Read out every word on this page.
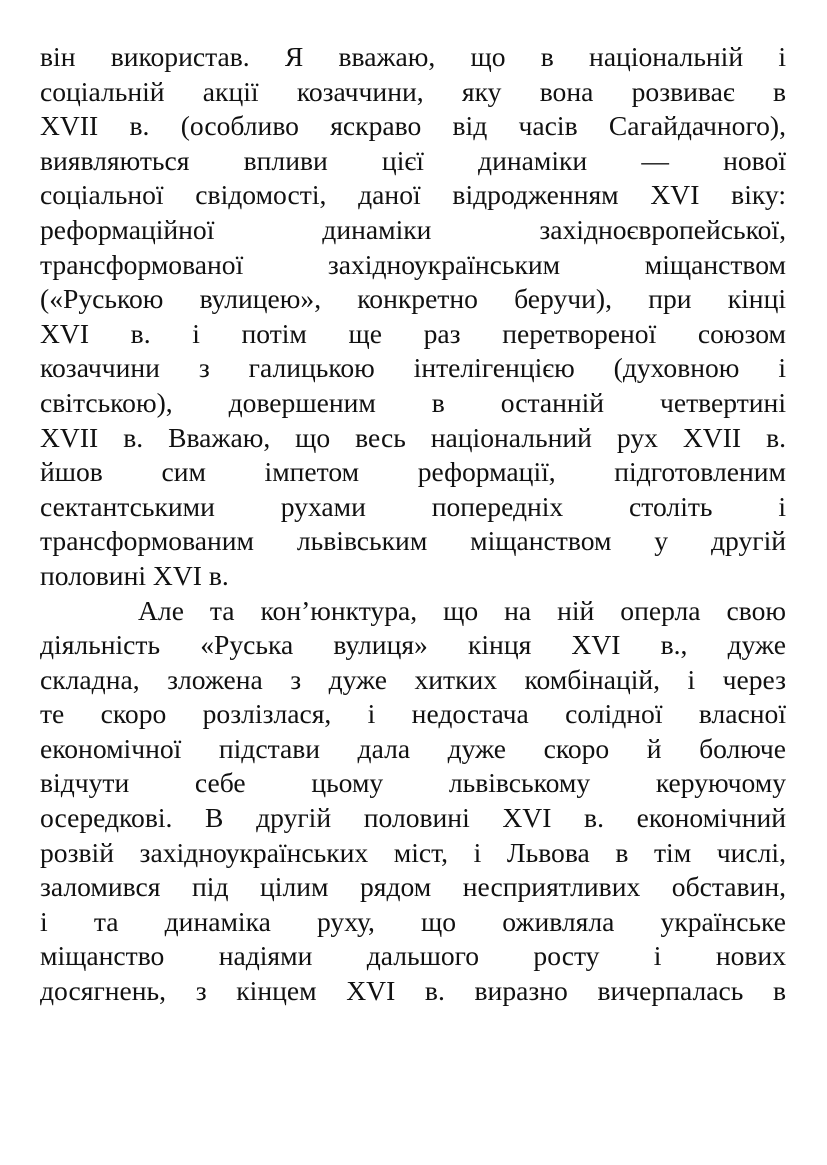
він використав. Я вважаю, що в національній і
соціальній акції козаччини, яку вона розвиває в
XVII в. (особливо яскраво від часів Сагайдачного),
виявляються впливи цієї динаміки — нової
соціальної свідомості, даної відродженням XVI віку:
реформаційної динаміки західноєвропейської,
трансформованої західноукраїнським міщанством
(«Руською вулицею», конкретно беручи), при кінці
XVI в. і потім ще раз перетвореної союзом
козаччини з галицькою інтелігенцією (духовною і
світською), довершеним в останній четвертині
XVII в. Вважаю, що весь національний рух XVII в.
йшов сим імпетом реформації, підготовленим
сектантськими рухами попередніх століть і
трансформованим львівським міщанством у другій
половині XVI в.
Але та кон’юнктура, що на ній оперла свою
діяльність «Руська вулиця» кінця XVI в., дуже
складна, зложена з дуже хитких комбінацій, і через
те скоро розлізлася, і недостача солідної власної
економічної підстави дала дуже скоро й болюче
відчути себе цьому львівському керуючому
осередкові. В другій половині XVI в. економічний
розвій західноукраїнських міст, і Львова в тім числі,
заломився під цілим рядом несприятливих обставин,
і та динаміка руху, що оживляла українське
міщанство надіями дальшого росту і нових
досягнень, з кінцем XVI в. виразно вичерпалась в
